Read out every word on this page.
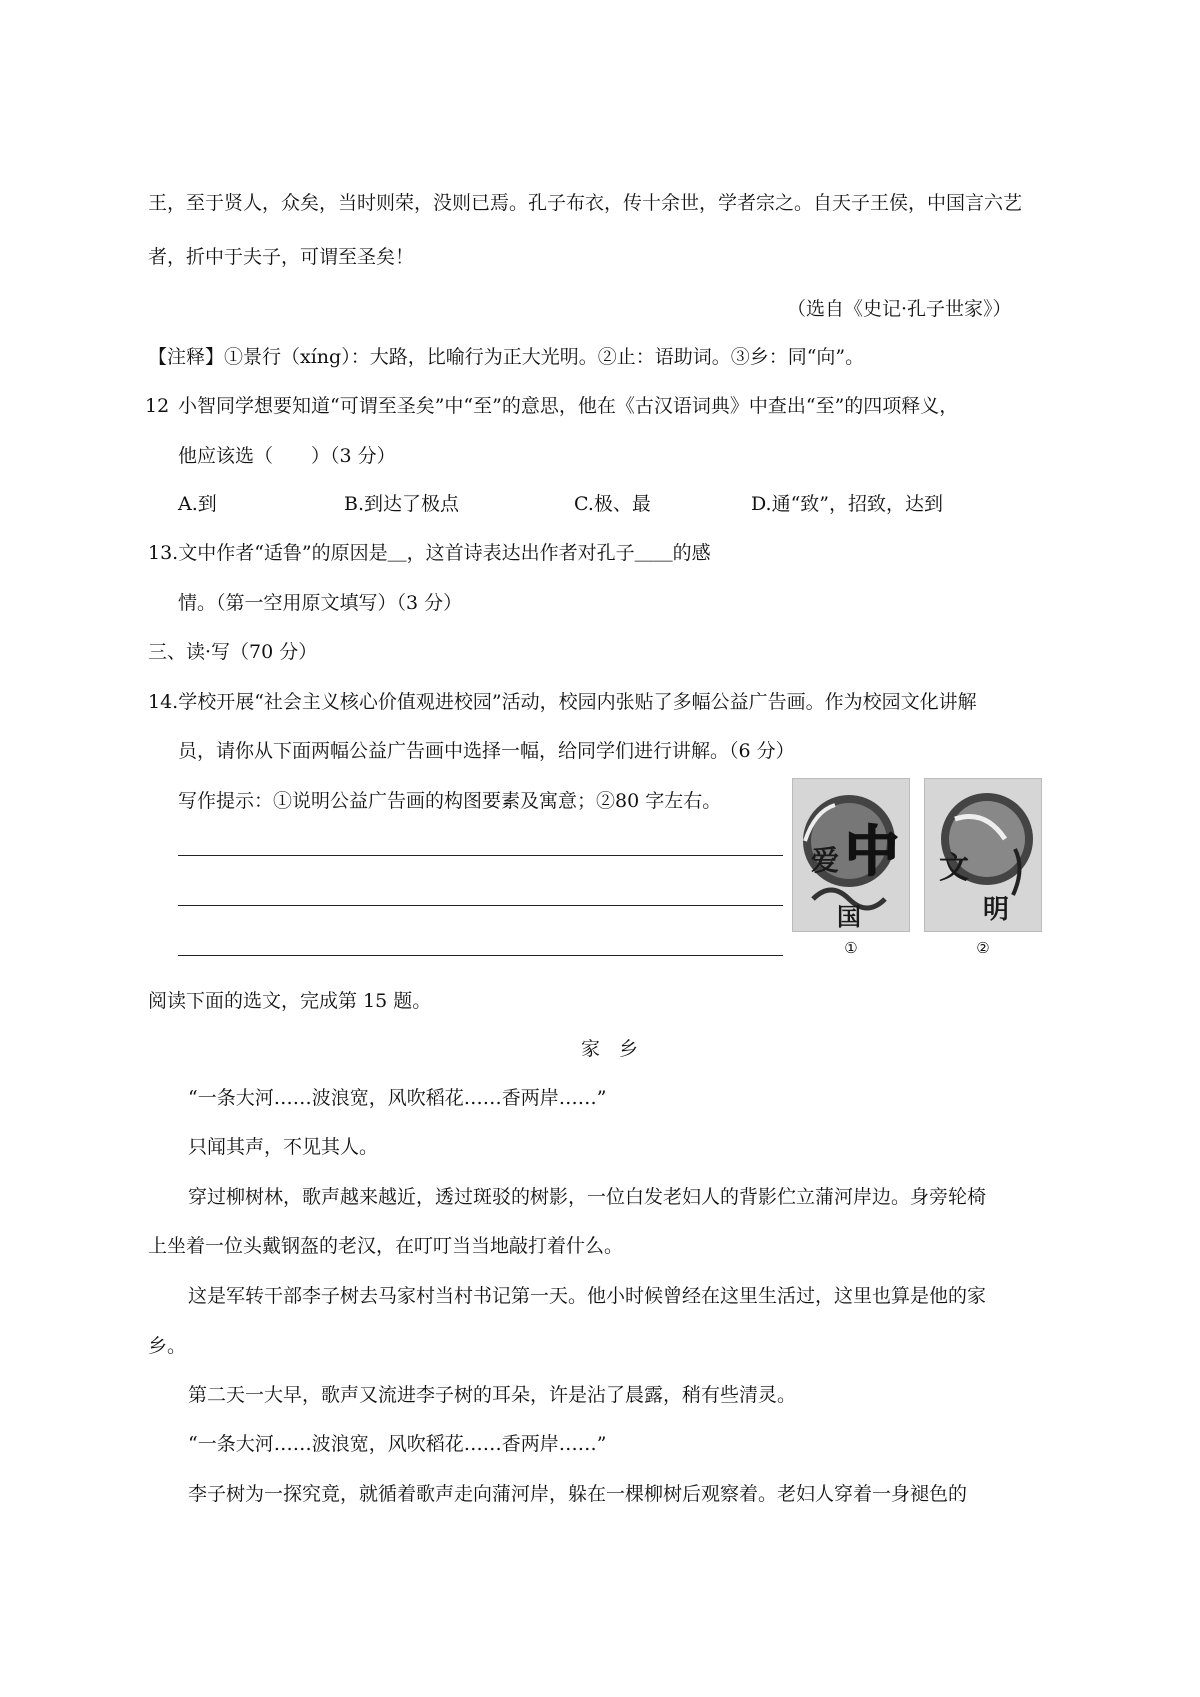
王，至于贤人，众矣，当时则荣，没则已焉。孔子布衣，传十余世，学者宗之。自天子王侯，中国言六艺
者，折中于夫子，可谓至圣矣！
（选自《史记·孔子世家》）
【注释】①景行（xíng）：大路，比喻行为正大光明。②止：语助词。③乡：同“向”。
12 小智同学想要知道“可谓至圣矣”中“至”的意思，他在《古汉语词典》中查出“至”的四项释义，
他应该选（　　）（3 分）
A.到	B.到达了极点	C.极、最	D.通“致”，招致，达到
13.文中作者“适鲁”的原因是＿，这首诗表达出作者对孔子＿＿的感
情。（第一空用原文填写）（3 分）
三、读·写（70 分）
14.学校开展“社会主义核心价值观进校园”活动，校园内张贴了多幅公益广告画。作为校园文化讲解
员，请你从下面两幅公益广告画中选择一幅，给同学们进行讲解。（6 分）
写作提示：①说明公益广告画的构图要素及寓意；②80 字左右。
爱 中
国
①
文
明
②
阅读下面的选文，完成第 15 题。
家　乡
“一条大河……波浪宽，风吹稻花……香两岸……”
只闻其声，不见其人。
穿过柳树林，歌声越来越近，透过斑驳的树影，一位白发老妇人的背影伫立蒲河岸边。身旁轮椅
上坐着一位头戴钢盔的老汉，在叮叮当当地敲打着什么。
这是军转干部李子树去马家村当村书记第一天。他小时候曾经在这里生活过，这里也算是他的家
乡。
第二天一大早，歌声又流进李子树的耳朵，许是沾了晨露，稍有些清灵。
“一条大河……波浪宽，风吹稻花……香两岸……”
李子树为一探究竟，就循着歌声走向蒲河岸，躲在一棵柳树后观察着。老妇人穿着一身褪色的
